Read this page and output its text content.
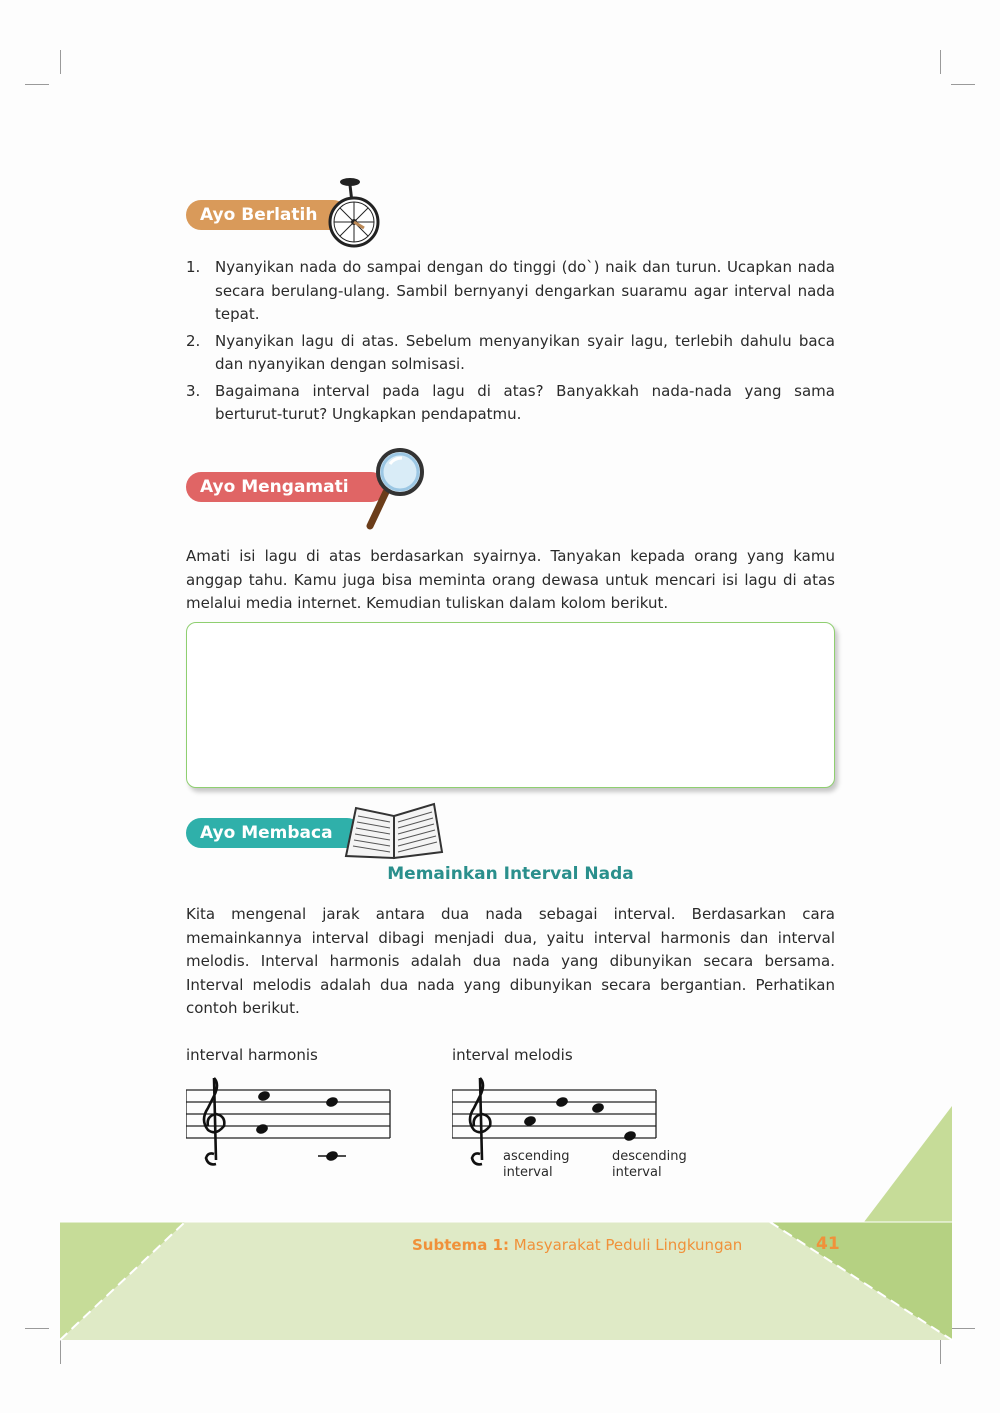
Ayo Berlatih
1. Nyanyikan nada do sampai dengan do tinggi (do`) naik dan turun. Ucapkan nada secara berulang-ulang. Sambil bernyanyi dengarkan suaramu agar interval nada tepat.
2. Nyanyikan lagu di atas. Sebelum menyanyikan syair lagu, terlebih dahulu baca dan nyanyikan dengan solmisasi.
3. Bagaimana interval pada lagu di atas? Banyakkah nada-nada yang sama berturut-turut? Ungkapkan pendapatmu.
Ayo Mengamati
Amati isi lagu di atas berdasarkan syairnya. Tanyakan kepada orang yang kamu anggap tahu. Kamu juga bisa meminta orang dewasa untuk mencari isi lagu di atas melalui media internet. Kemudian tuliskan dalam kolom berikut.
Ayo Membaca
Memainkan Interval Nada
Kita mengenal jarak antara dua nada sebagai interval. Berdasarkan cara memainkannya interval dibagi menjadi dua, yaitu interval harmonis dan interval melodis. Interval harmonis adalah dua nada yang dibunyikan secara bersama. Interval melodis adalah dua nada yang dibunyikan secara bergantian. Perhatikan contoh berikut.
interval harmonis	interval melodis
ascending
interval
descending
interval
Subtema 1: Masyarakat Peduli Lingkungan	41
